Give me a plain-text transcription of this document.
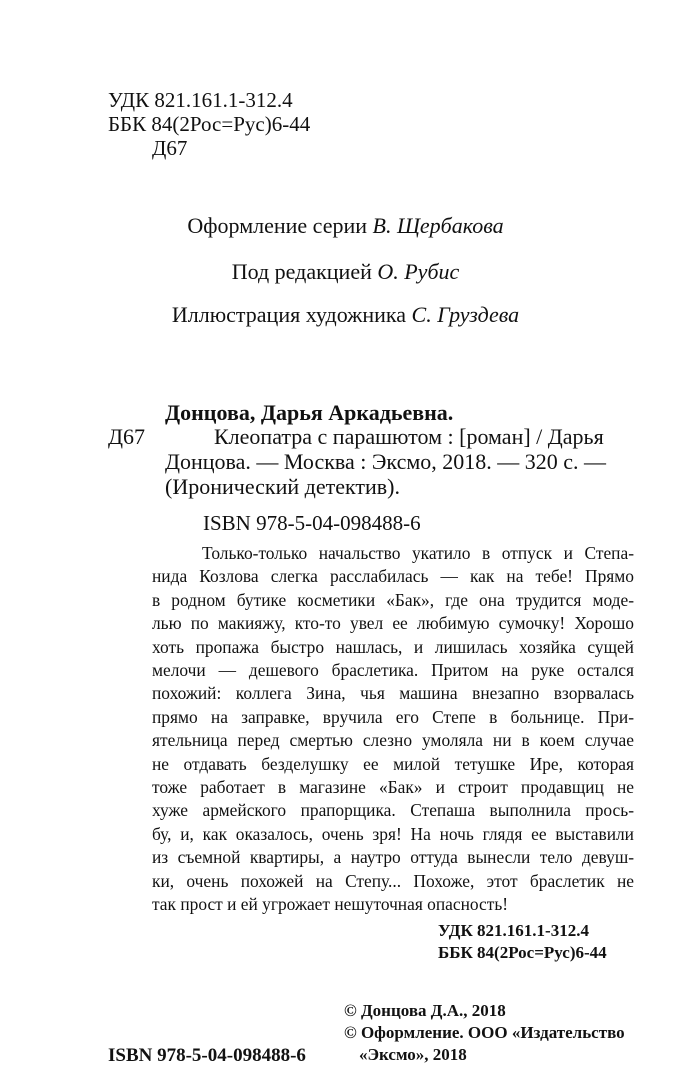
УДК 821.161.1-312.4
ББК 84(2Рос=Рус)6-44
Д67
Оформление серии В. Щербакова
Под редакцией О. Рубис
Иллюстрация художника С. Груздева
Донцова, Дарья Аркадьевна.
Д67	Клеопатра с парашютом : [роман] / Дарья
Донцова. — Москва : Эксмо, 2018. — 320 с. —
(Иронический детектив).
ISBN 978-5-04-098488-6

Только-только начальство укатило в отпуск и Степа-

нида Козлова слегка расслабилась — как на тебе! Прямо

в родном бутике косметики «Бак», где она трудится моде-

лью по макияжу, кто-то увел ее любимую сумочку! Хорошо

хоть пропажа быстро нашлась, и лишилась хозяйка сущей

мелочи — дешевого браслетика. Притом на руке остался

похожий: коллега Зина, чья машина внезапно взорвалась

прямо на заправке, вручила его Степе в больнице. При-

ятельница перед смертью слезно умоляла ни в коем случае

не отдавать безделушку ее милой тетушке Ире, которая

тоже работает в магазине «Бак» и строит продавщиц не

хуже армейского прапорщика. Степаша выполнила прось-

бу, и, как оказалось, очень зря! На ночь глядя ее выставили

из съемной квартиры, а наутро оттуда вынесли тело девуш-

ки, очень похожей на Степу... Похоже, этот браслетик не

так прост и ей угрожает нешуточная опасность!

УДК 821.161.1-312.4
ББК 84(2Рос=Рус)6-44
ISBN 978-5-04-098488-6
© Донцова Д.А., 2018
© Оформление. ООО «Издательство
«Эксмо», 2018
